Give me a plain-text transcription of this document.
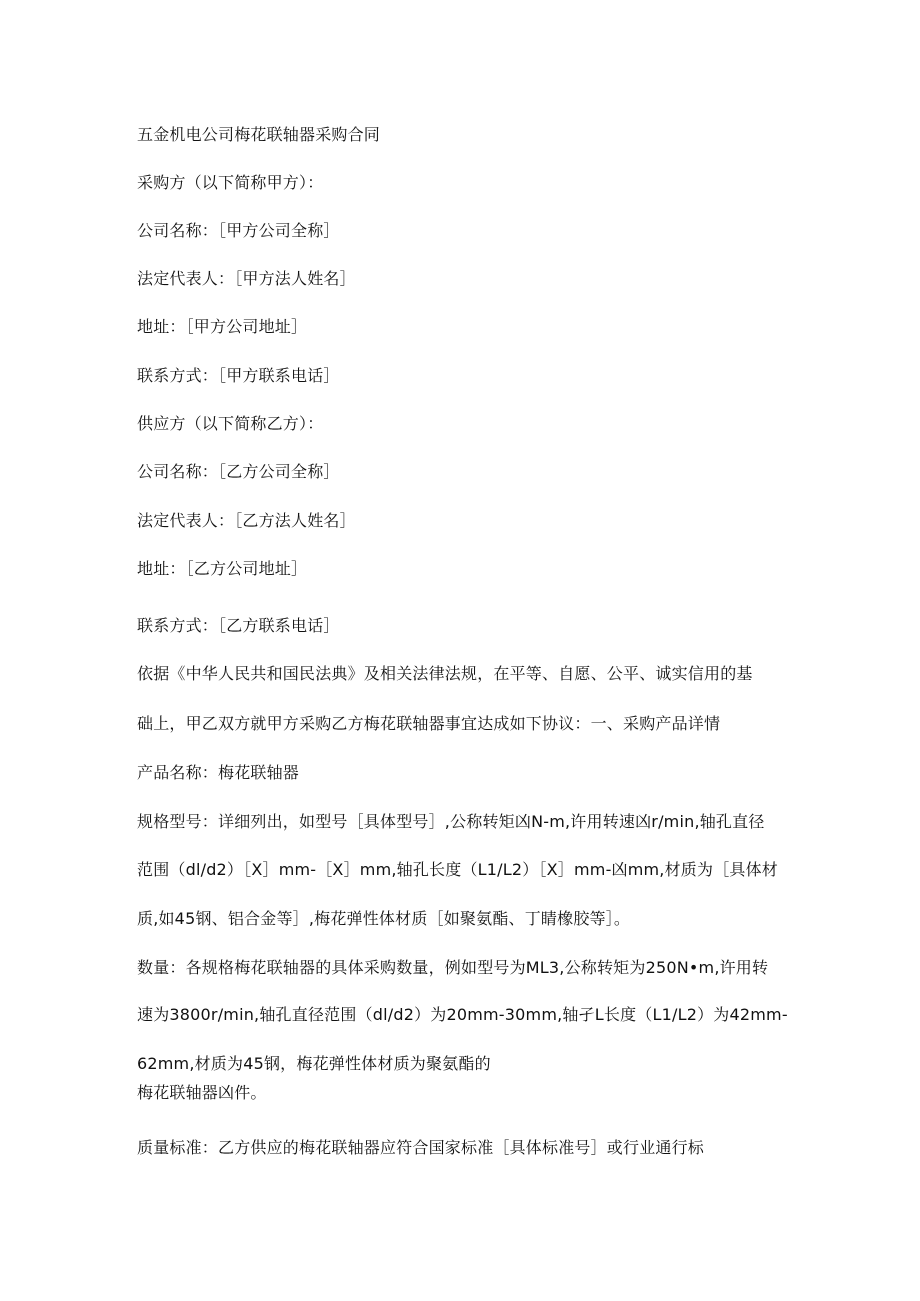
五金机电公司梅花联轴器采购合同
采购方（以下简称甲方）：
公司名称：［甲方公司全称］
法定代表人：［甲方法人姓名］
地址：［甲方公司地址］
联系方式：［甲方联系电话］
供应方（以下简称乙方）：
公司名称：［乙方公司全称］
法定代表人：［乙方法人姓名］
地址：［乙方公司地址］
联系方式：［乙方联系电话］
依据《中华人民共和国民法典》及相关法律法规，在平等、自愿、公平、诚实信用的基
础上，甲乙双方就甲方采购乙方梅花联轴器事宜达成如下协议：一、采购产品详情
产品名称：梅花联轴器
规格型号：详细列出，如型号［具体型号］,公称转矩凶N-m,许用转速凶r/min,轴孔直径
范围（dl/d2）［X］mm-［X］mm,轴孔长度（L1/L2）［X］mm-凶mm,材质为［具体材
质,如45钢、铝合金等］,梅花弹性体材质［如聚氨酯、丁睛橡胶等］。
数量：各规格梅花联轴器的具体采购数量，例如型号为ML3,公称转矩为250N•m,许用转
速为3800r/min,轴孔直径范围（dl/d2）为20mm-30mm,轴孑L长度（L1/L2）为42mm-
62mm,材质为45钢，梅花弹性体材质为聚氨酯的
梅花联轴器凶件。
质量标准：乙方供应的梅花联轴器应符合国家标准［具体标准号］或行业通行标
